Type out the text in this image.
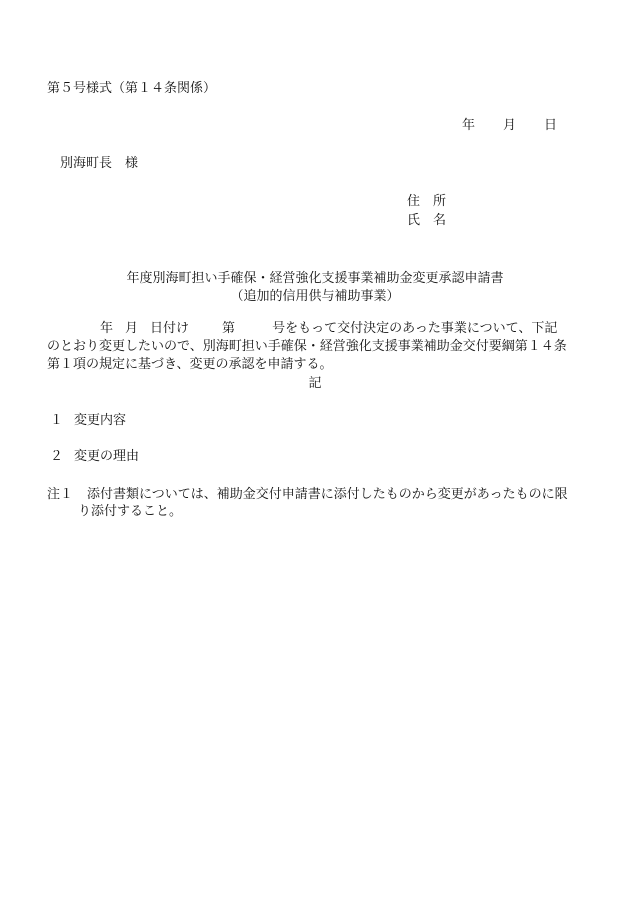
第５号様式（第１４条関係）
年 月 日
別海町長　様
住　所
氏　名
年度別海町担い手確保・経営強化支援事業補助金変更承認申請書
（追加的信用供与補助事業）
年 月 日付け	第	号をもって交付決定のあった事業について、下記
のとおり変更したいので、別海町担い手確保・経営強化支援事業補助金交付要綱第１４条
第１項の規定に基づき、変更の承認を申請する。
記
１ 変更内容
２ 変更の理由
注１ 添付書類については、補助金交付申請書に添付したものから変更があったものに限
り添付すること。
